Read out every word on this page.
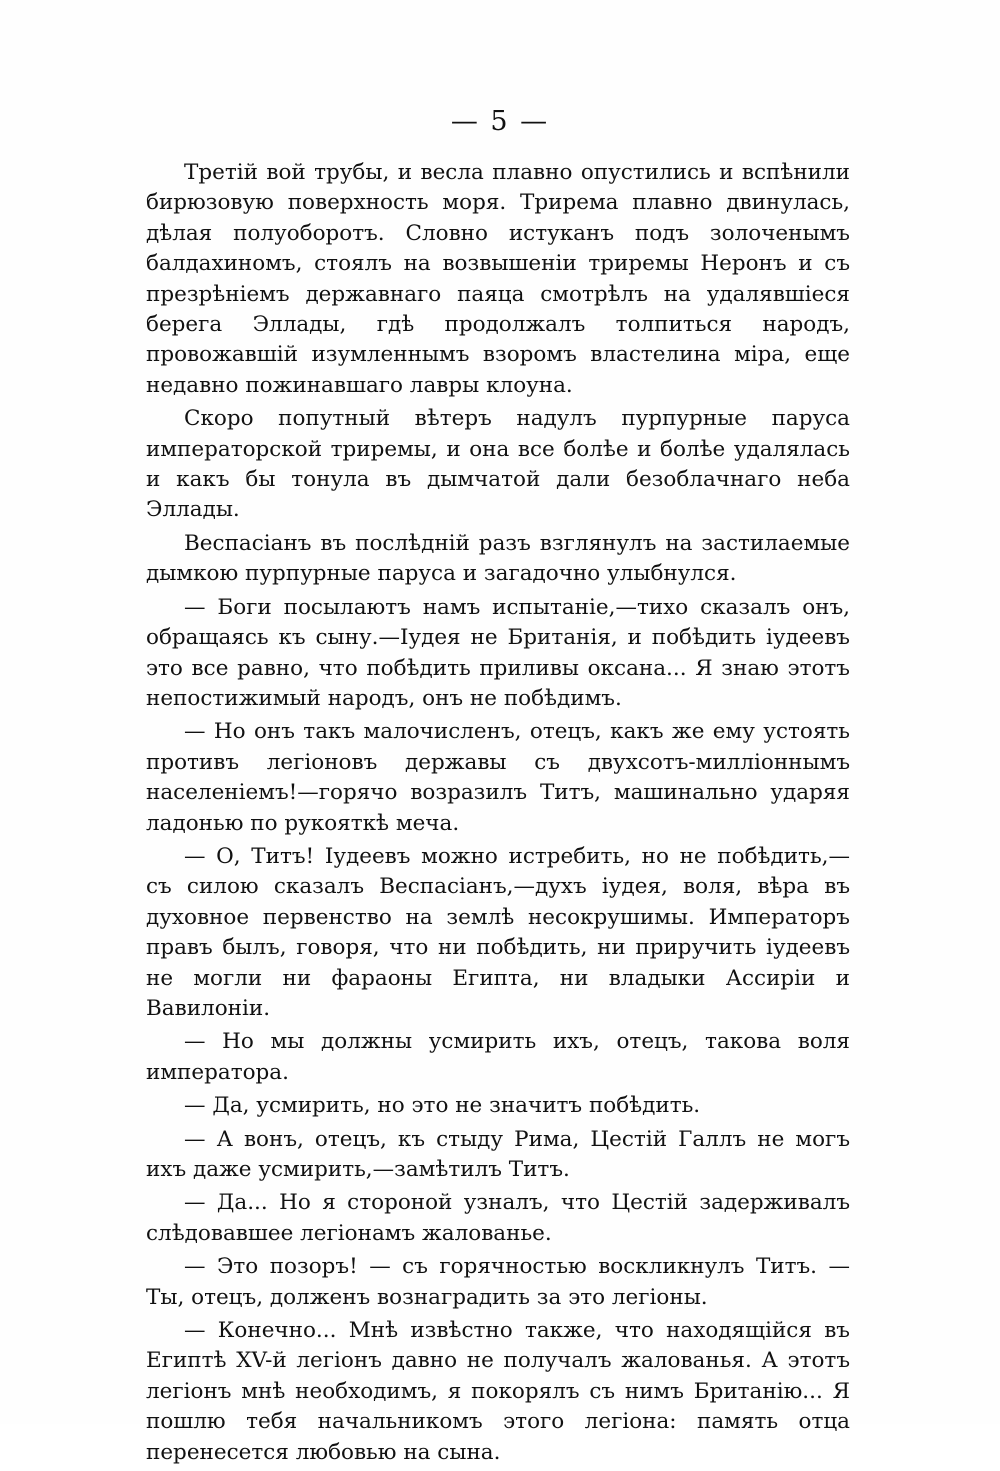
— 5 —

Третій вой трубы, и весла плавно опустились и вспѣнили бирюзовую поверхность моря. Трирема плавно двинулась, дѣлая полуоборотъ. Словно истуканъ подъ золоченымъ балдахиномъ, стоялъ на возвышеніи триремы Неронъ и съ презрѣніемъ державнаго паяца смотрѣлъ на удалявшіеся берега Эллады, гдѣ продолжалъ толпиться народъ, провожавшій изумленнымъ взоромъ властелина міра, еще недавно пожинавшаго лавры клоуна.

Скоро попутный вѣтеръ надулъ пурпурные паруса императорской триремы, и она все болѣе и болѣе удалялась и какъ бы тонула въ дымчатой дали безоблачнаго неба Эллады.

Веспасіанъ въ послѣдній разъ взглянулъ на застилаемые дымкою пурпурные паруса и загадочно улыбнулся.

— Боги посылаютъ намъ испытаніе,—тихо сказалъ онъ, обращаясь къ сыну.—Іудея не Британія, и побѣдить іудеевъ это все равно, что побѣдить приливы оксана... Я знаю этотъ непостижимый народъ, онъ не побѣдимъ.

— Но онъ такъ малочисленъ, отецъ, какъ же ему устоять противъ легіоновъ державы съ двухсотъ-милліоннымъ населеніемъ!—горячо возразилъ Титъ, машинально ударяя ладонью по рукояткѣ меча.

— О, Титъ! Іудеевъ можно истребить, но не побѣдить,— съ силою сказалъ Веспасіанъ,—духъ іудея, воля, вѣра въ духовное первенство на землѣ несокрушимы. Императоръ правъ былъ, говоря, что ни побѣдить, ни приручить іудеевъ не могли ни фараоны Египта, ни владыки Ассиріи и Вавилоніи.

— Но мы должны усмирить ихъ, отецъ, такова воля императора.

— Да, усмирить, но это не значитъ побѣдить.

— А вонъ, отецъ, къ стыду Рима, Цестій Галлъ не могъ ихъ даже усмирить,—замѣтилъ Титъ.

— Да... Но я стороной узналъ, что Цестій задерживалъ слѣдовавшее легіонамъ жалованье.

— Это позоръ! — съ горячностью воскликнулъ Титъ. — Ты, отецъ, долженъ вознаградить за это легіоны.

— Конечно... Мнѣ извѣстно также, что находящійся въ Египтѣ XV-й легіонъ давно не получалъ жалованья. А этотъ легіонъ мнѣ необходимъ, я покорялъ съ нимъ Британію... Я пошлю тебя начальникомъ этого легіона: память отца перенесется любовью на сына.
